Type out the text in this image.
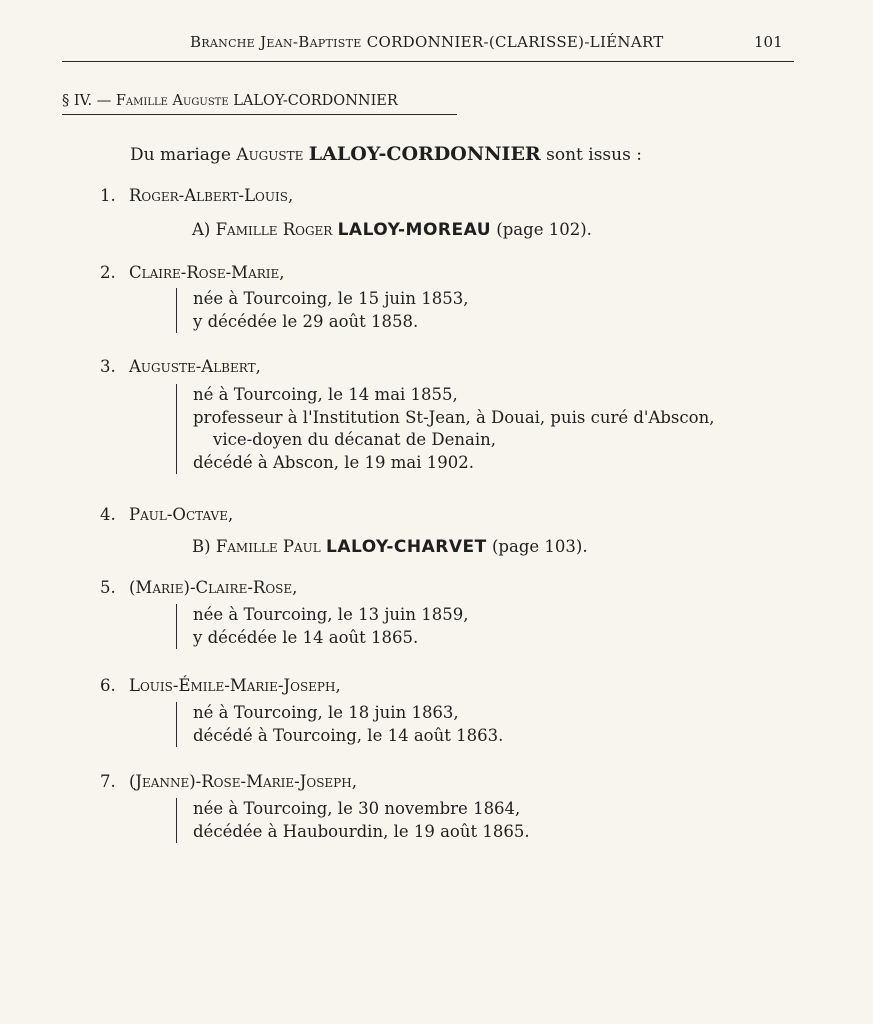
Branche Jean-Baptiste CORDONNIER-(CLARISSE)-LIÉNART	101
§ IV. — Famille Auguste LALOY-CORDONNIER
Du mariage Auguste LALOY-CORDONNIER sont issus :
1. Roger-Albert-Louis,
A) Famille Roger LALOY-MOREAU (page 102).
2. Claire-Rose-Marie,
née à Tourcoing, le 15 juin 1853,
y décédée le 29 août 1858.
3. Auguste-Albert,
né à Tourcoing, le 14 mai 1855,
professeur à l'Institution St-Jean, à Douai, puis curé d'Abscon,
vice-doyen du décanat de Denain,
décédé à Abscon, le 19 mai 1902.
4. Paul-Octave,
B) Famille Paul LALOY-CHARVET (page 103).
5. (Marie)-Claire-Rose,
née à Tourcoing, le 13 juin 1859,
y décédée le 14 août 1865.
6. Louis-Émile-Marie-Joseph,
né à Tourcoing, le 18 juin 1863,
décédé à Tourcoing, le 14 août 1863.
7. (Jeanne)-Rose-Marie-Joseph,
née à Tourcoing, le 30 novembre 1864,
décédée à Haubourdin, le 19 août 1865.
